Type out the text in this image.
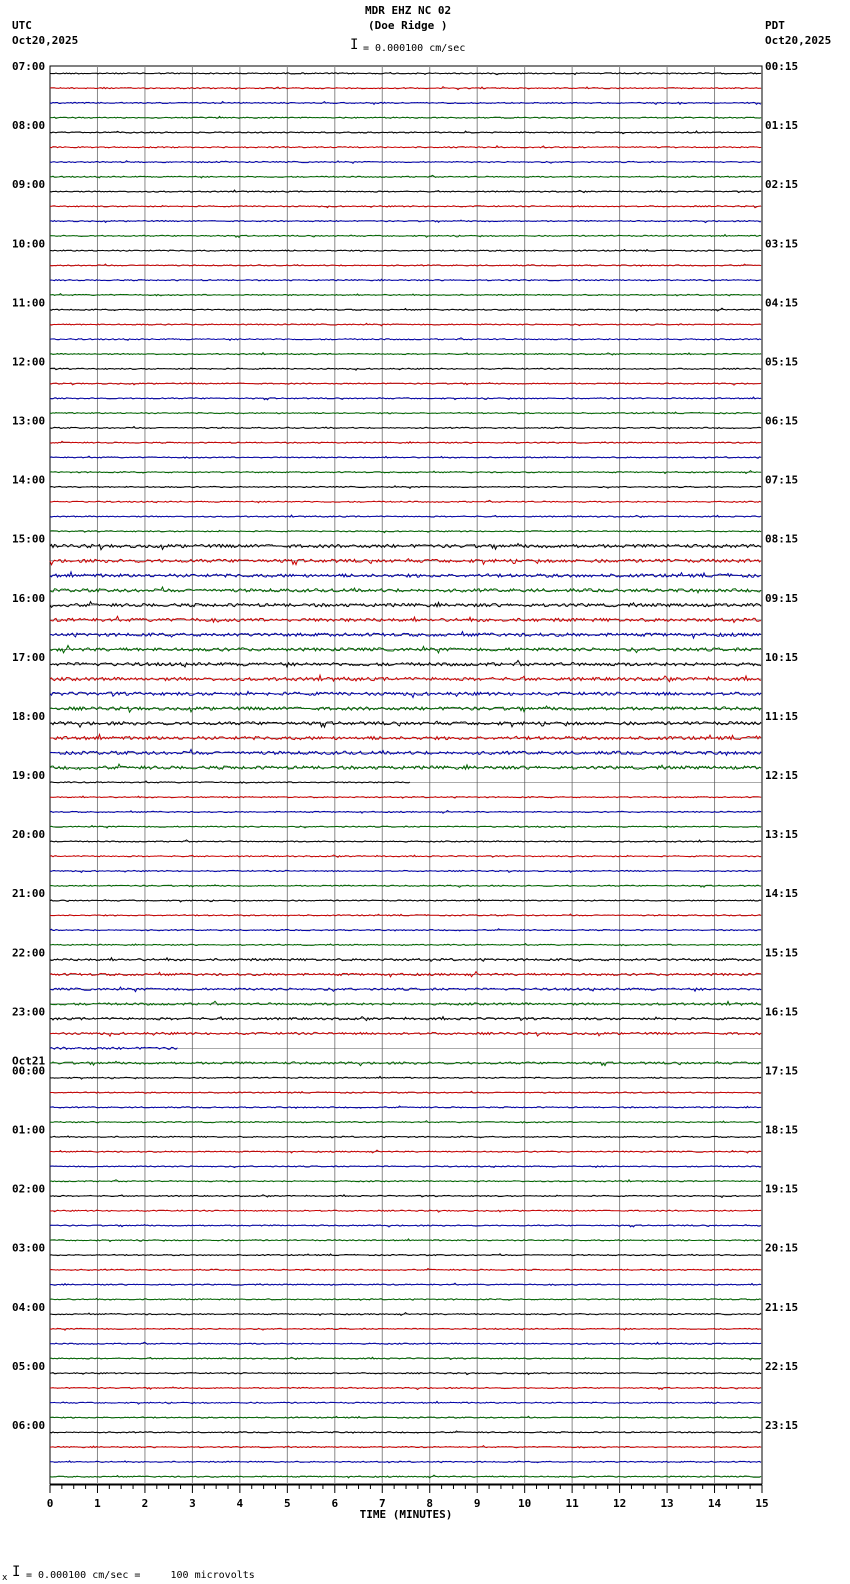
07:00	00:15
08:00	01:15
09:00	02:15
10:00	03:15
11:00	04:15
12:00	05:15
13:00	06:15
14:00	07:15
15:00	08:15
16:00	09:15
17:00	10:15
18:00	11:15
19:00	12:15
20:00	13:15
21:00	14:15
22:00	15:15
23:00	16:15
Oct21
00:00	17:15
01:00	18:15
02:00	19:15
03:00	20:15
04:00	21:15
05:00	22:15
06:00	23:15
0	1	2	3	4	5	6	7	8	9	10	11	12	13	14	15
TIME (MINUTES)
MDR EHZ NC 02
(Doe Ridge )
I = 0.000100 cm/sec
UTC
Oct20,2025
PDT
Oct20,2025
x I = 0.000100 cm/sec =     100 microvolts
